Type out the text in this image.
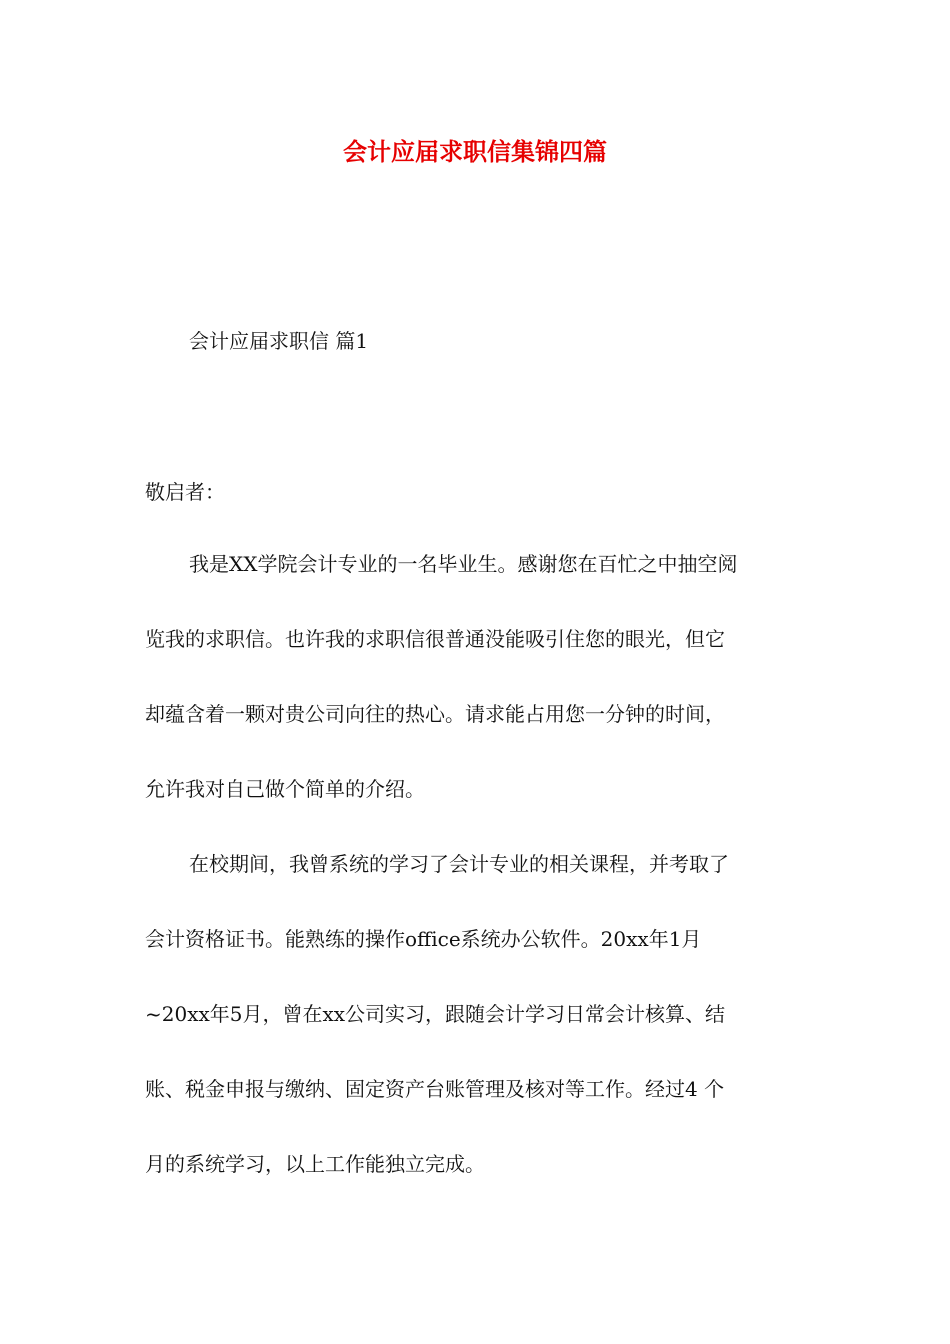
会计应届求职信集锦四篇
会计应届求职信 篇1
敬启者：
我是XX学院会计专业的一名毕业生。感谢您在百忙之中抽空阅
览我的求职信。也许我的求职信很普通没能吸引住您的眼光，但它
却蕴含着一颗对贵公司向往的热心。请求能占用您一分钟的时间，
允许我对自己做个简单的介绍。
在校期间，我曾系统的学习了会计专业的相关课程，并考取了
会计资格证书。能熟练的操作office系统办公软件。20xx年1月
~20xx年5月，曾在xx公司实习，跟随会计学习日常会计核算、结
账、税金申报与缴纳、固定资产台账管理及核对等工作。经过4 个
月的系统学习，以上工作能独立完成。
